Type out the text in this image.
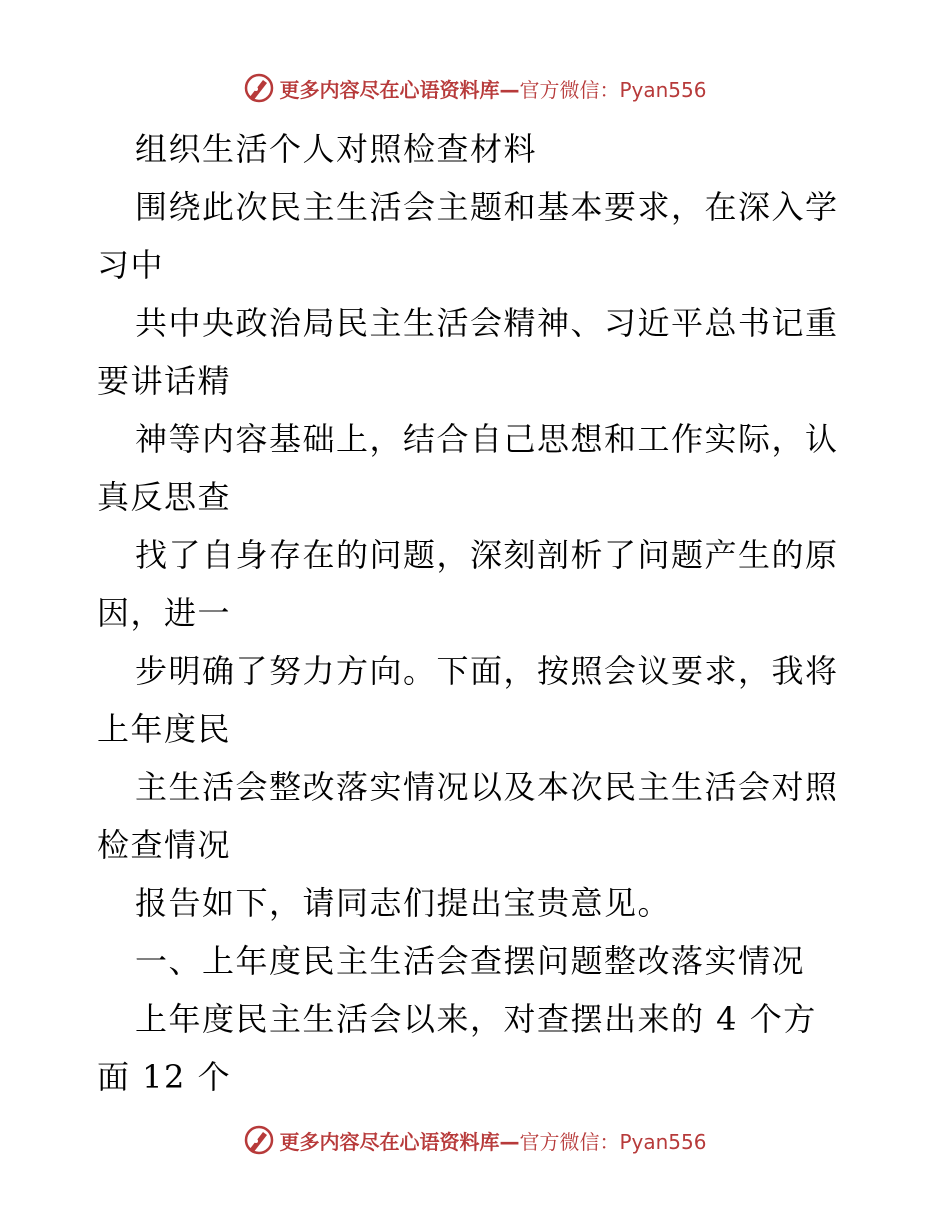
更多内容尽在心语资料库—官方微信：Pyan556
组织生活个人对照检查材料
围绕此次民主生活会主题和基本要求，在深入学
习中
共中央政治局民主生活会精神、习近平总书记重
要讲话精
神等内容基础上，结合自己思想和工作实际，认
真反思查
找了自身存在的问题，深刻剖析了问题产生的原
因，进一
步明确了努力方向。下面，按照会议要求，我将
上年度民
主生活会整改落实情况以及本次民主生活会对照
检查情况
报告如下，请同志们提出宝贵意见。
一、上年度民主生活会查摆问题整改落实情况
上年度民主生活会以来，对查摆出来的 4 个方
面 12 个
更多内容尽在心语资料库—官方微信：Pyan556
